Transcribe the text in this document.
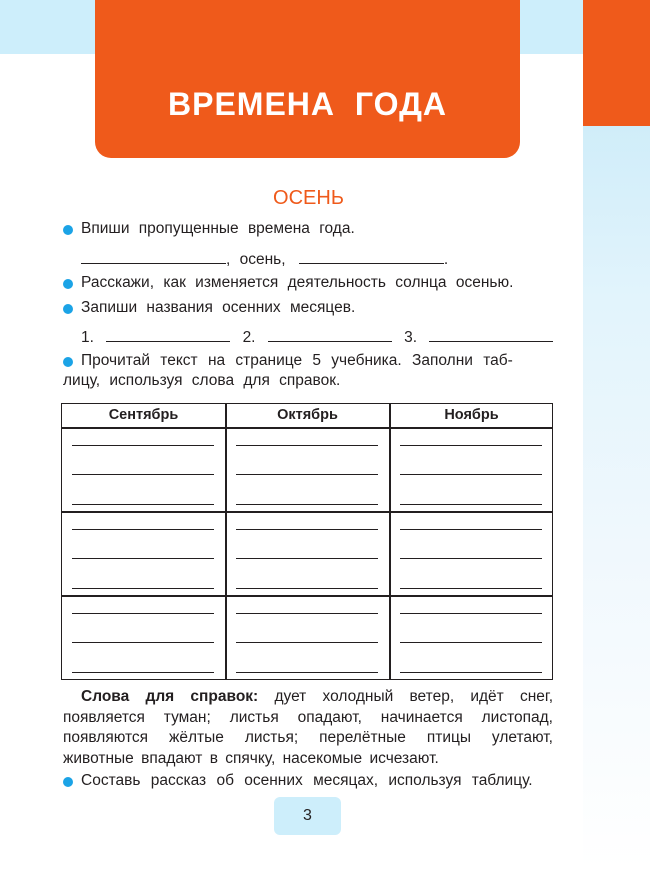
ВРЕМЕНА ГОДА
ОСЕНЬ
Впиши пропущенные времена года.
, осень,	.
Расскажи, как изменяется деятельность солнца осенью.
Запиши названия осенних месяцев.
1.	2.	3.
Прочитай текст на странице 5 учебника. Заполни таб-
лицу, используя слова для справок.
Сентябрь	Октябрь	Ноябрь
Слова для справок: дует холодный ветер, идёт снег, появляется туман; листья опадают, начинается листопад, появляются жёлтые листья; перелётные птицы улетают, животные впадают в спячку, насекомые исчезают.
Составь рассказ об осенних месяцах, используя таблицу.
3
